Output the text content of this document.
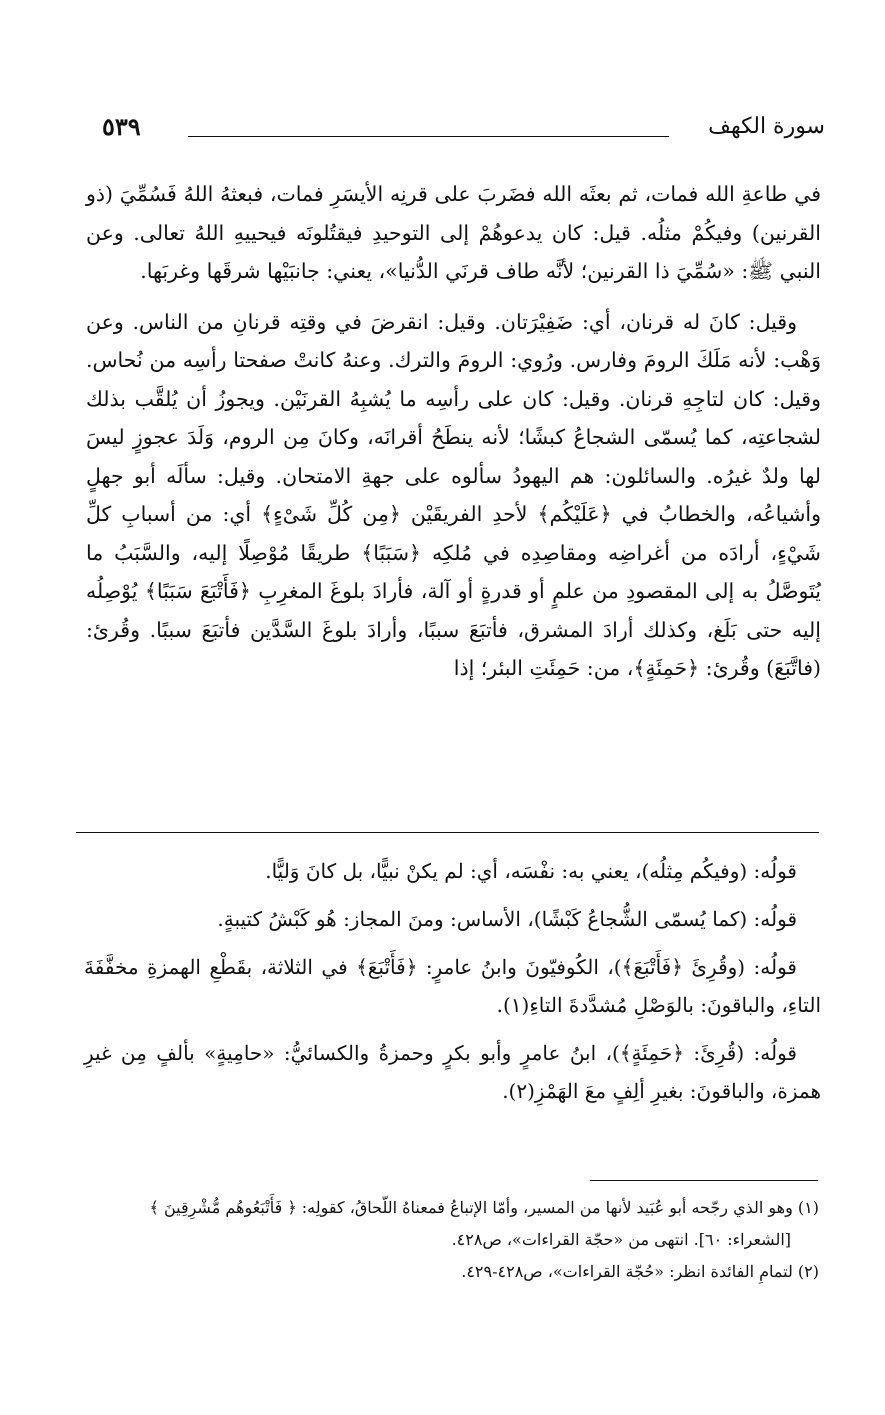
سورة الكهف
٥٣٩

في طاعةِ الله فمات، ثم بعثَه الله فضَربَ على قرنِه الأيسَرِ فمات، فبعثهُ اللهُ فَسُمِّيَ (ذو القرنين) وفيكُمْ مثلُه. قيل: كان يدعوهُمْ إلى التوحيدِ فيقتُلونَه فيحييهِ اللهُ تعالى. وعن النبي ﷺ: «سُمِّيَ ذا القرنين؛ لأنَّه طاف قرنَي الدُّنيا»، يعني: جانبَيْها شرقَها وغربَها.

وقيل: كانَ له قرنان، أي: ضَفِيْرَتان. وقيل: انقرضَ في وقتِه قرنانِ من الناس. وعن وَهْب: لأنه مَلَكَ الرومَ وفارس. ورُوي: الرومَ والترك. وعنهُ كانتْ صفحتا رأسِه من نُحاس. وقيل: كان لتاجِهِ قرنان. وقيل: كان على رأسِه ما يُشبِهُ القرنَيْن. ويجوزُ أن يُلقَّب بذلك لشجاعتِه، كما يُسمّى الشجاعُ كبشًا؛ لأنه ينطَحُ أقرانَه، وكانَ مِن الروم، وَلَدَ عجوزٍ ليسَ لها ولدٌ غيرُه. والسائلون: هم اليهودُ سألوه على جهةِ الامتحان. وقيل: سألَه أبو جهلٍ وأشياعُه، والخطابُ في ﴿عَلَيْكُم﴾ لأحدِ الفريقَيْن ﴿مِن كُلِّ شَىْءٍ﴾ أي: من أسبابِ كلِّ شَيْءٍ، أرادَه من أغراضِه ومقاصِدِه في مُلكِه ﴿سَبَبًا﴾ طريقًا مُوْصِلًا إليه، والسَّبَبُ ما يُتَوصَّلُ به إلى المقصودِ من علمٍ أو قدرةٍ أو آلة، فأرادَ بلوغَ المغرِبِ ﴿فَأَتْبَعَ سَبَبًا﴾ يُوْصِلُه إليه حتى بَلَغ، وكذلك أرادَ المشرق، فأتبَعَ سببًا، وأرادَ بلوغَ السَّدَّين فأتبَعَ سببًا. وقُرئ: (فاتَّبَعَ) وقُرئ: ﴿حَمِئَةٍ﴾، من: حَمِئَتِ البئر؛ إذا

قولُه: (وفيكُم مِثلُه)، يعني به: نفْسَه، أي: لم يكنْ نبيًّا، بل كانَ وَليًّا.

قولُه: (كما يُسمّى الشُّجاعُ كَبْشًا)، الأساس: ومنَ المجاز: هُو كَبْشُ كتيبةٍ.

قولُه: (وقُرِئَ ﴿فَأَتْبَعَ﴾)، الكُوفيّونَ وابنُ عامرٍ: ﴿فَأَتْبَعَ﴾ في الثلاثة، بقَطْعِ الهمزةِ مخفَّفَةَ التاءِ، والباقونَ: بالوَصْلِ مُشدَّدةَ التاءِ(١).

قولُه: (قُرِئَ: ﴿حَمِئَةٍ﴾)، ابنُ عامرٍ وأبو بكرٍ وحمزةُ والكسائيُّ: «حامِيةٍ» بألفٍ مِن غيرِ همزة، والباقونَ: بغيرِ ألِفٍ معَ الهَمْزِ(٢).

(١) وهو الذي رجّحه أبو عُبَيد لأنها من المسير، وأمّا الإتباعُ فمعناهُ اللّحاقُ، كقولِه: ﴿ فَأَتْبَعُوهُم مُّشْرِقِينَ ﴾

[الشعراء: ٦٠]. انتهى من «حجّة القراءات»، ص٤٢٨.

(٢) لتمامِ الفائدة انظر: «حُجّة القراءات»، ص٤٢٨-٤٢٩.
